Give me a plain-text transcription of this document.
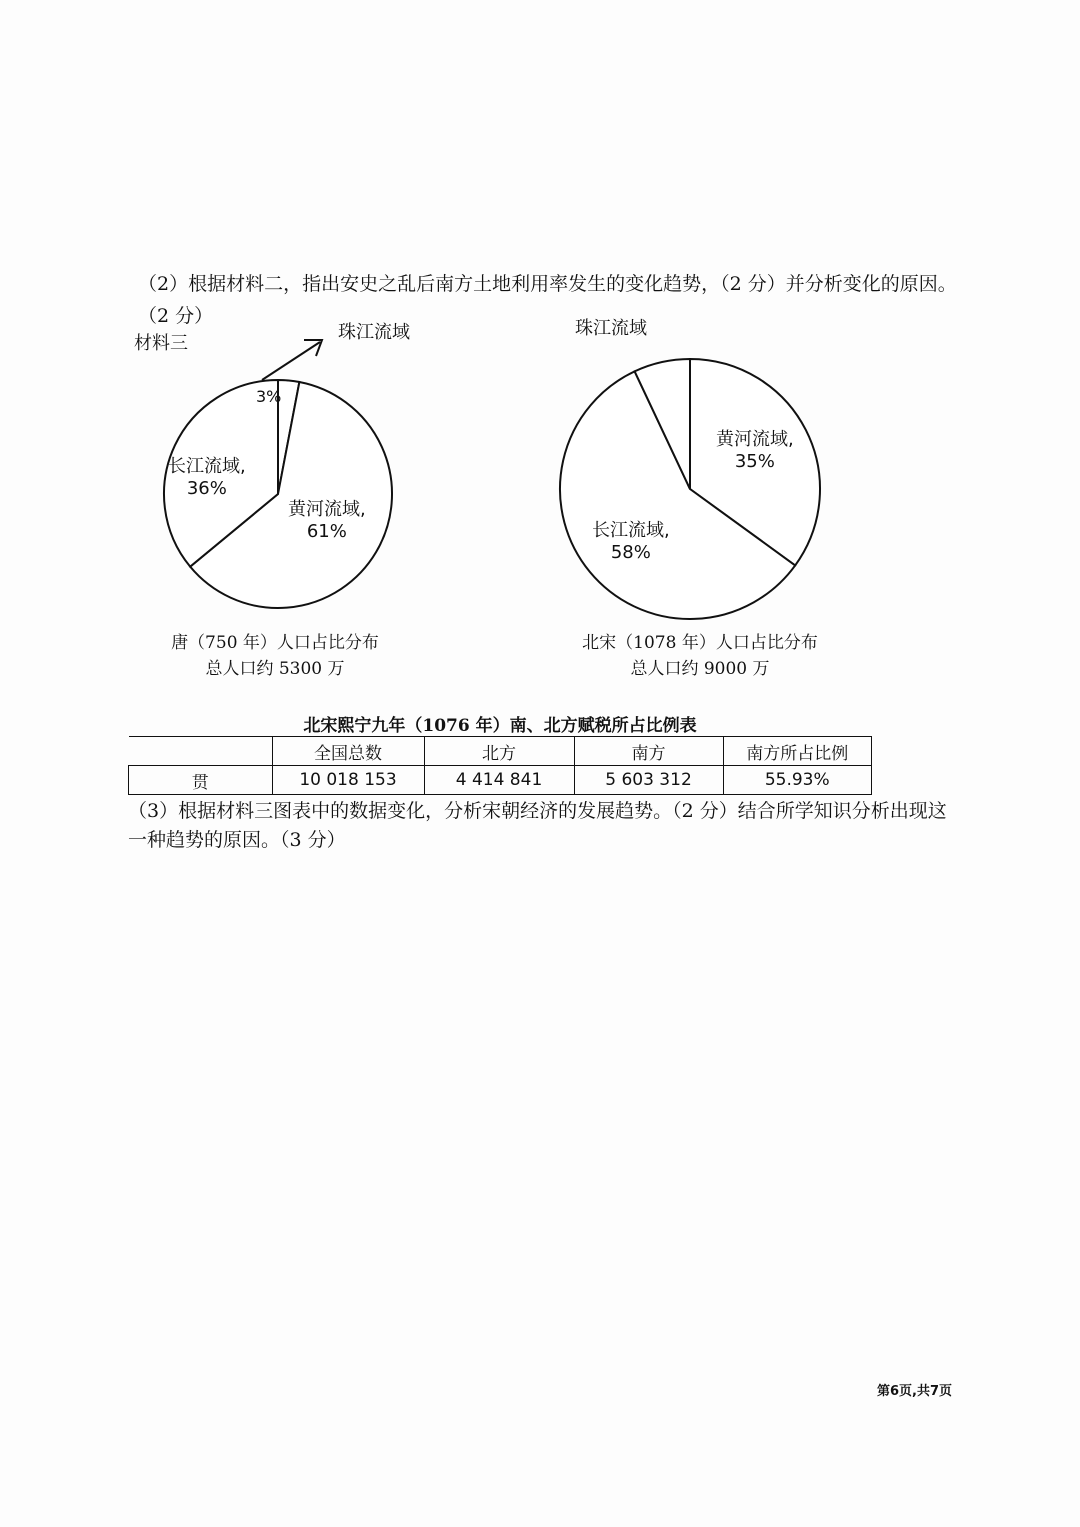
（2）根据材料二，指出安史之乱后南方土地利用率发生的变化趋势，（2 分）并分析变化的原因。
（2 分）
材料三
珠江流域
3%
长江流域,
36%
黄河流域,
61%
珠江流域
黄河流域,
35%
长江流域,
58%
唐（750 年）人口占比分布
总人口约 5300 万
北宋（1078 年）人口占比分布
总人口约 9000 万
北宋熙宁九年（1076 年）南、北方赋税所占比例表
	全国总数	北方	南方	南方所占比例
贯	10 018 153	4 414 841	5 603 312	55.93%
（3）根据材料三图表中的数据变化，分析宋朝经济的发展趋势。（2 分）结合所学知识分析出现这
一种趋势的原因。（3 分）
第6页,共7页
